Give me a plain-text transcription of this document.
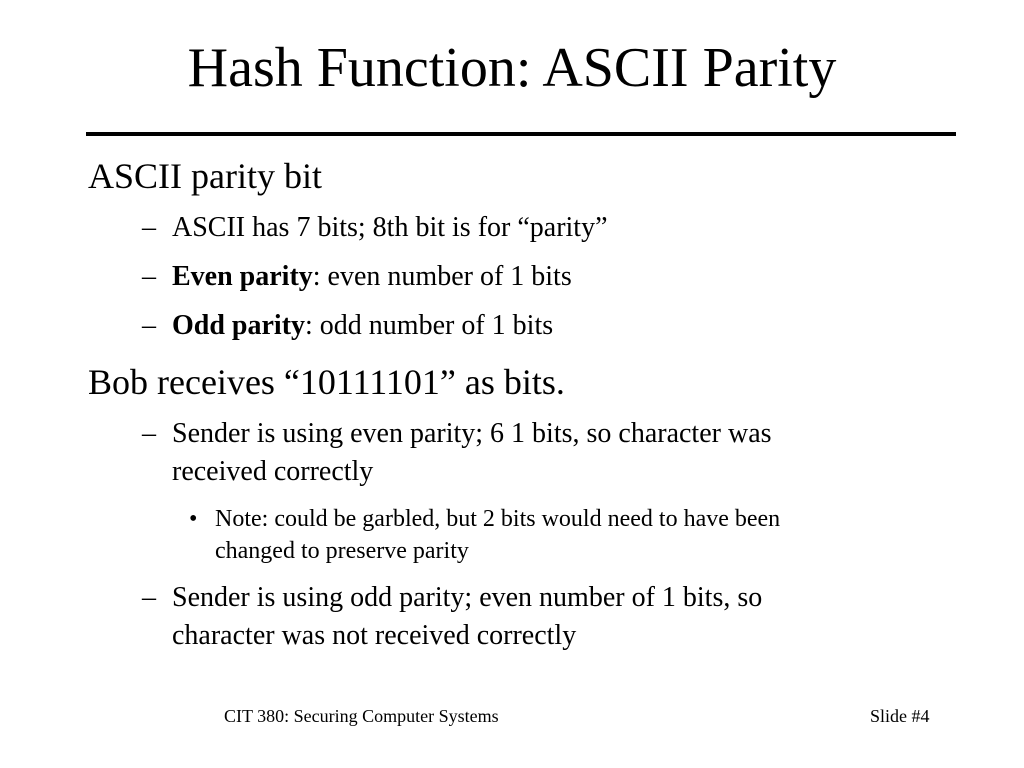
Hash Function: ASCII Parity
ASCII parity bit
– ASCII has 7 bits; 8th bit is for “parity”
– Even parity: even number of 1 bits
– Odd parity: odd number of 1 bits
Bob receives “10111101” as bits.
– Sender is using even parity; 6 1 bits, so character was
received correctly
• Note: could be garbled, but 2 bits would need to have been
changed to preserve parity
– Sender is using odd parity; even number of 1 bits, so
character was not received correctly
CIT 380: Securing Computer Systems	Slide #4
